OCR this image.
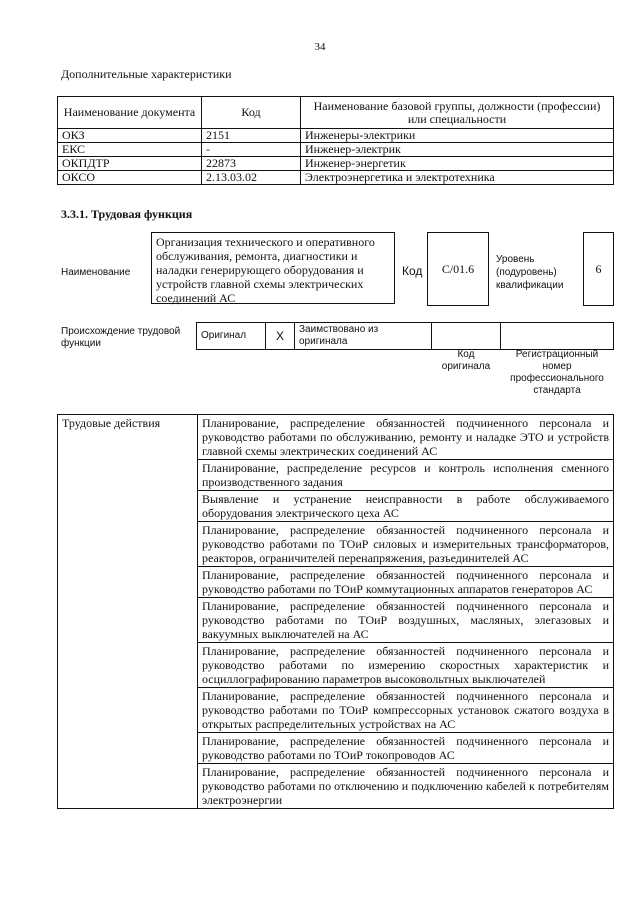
34
Дополнительные характеристики
Наименование документа	Код	Наименование базовой группы, должности (профессии) или специальности
ОКЗ	2151	Инженеры-электрики
ЕКС	-	Инженер-электрик
ОКПДТР	22873	Инженер-энергетик
ОКСО	2.13.03.02	Электроэнергетика и электротехника
3.3.1. Трудовая функция
Наименование
Организация технического и оперативного обслуживания, ремонта, диагностики и наладки генерирующего оборудования и устройств главной схемы электрических соединений АС
Код	C/01.6
Уровень (подуровень) квалификации
6
Происхождение трудовой функции
Оригинал	X	Заимствовано из оригинала		
Код оригинала
Регистрационный номер профессионального стандарта
Трудовые действия	Планирование, распределение обязанностей подчиненного персонала и руководство работами по обслуживанию, ремонту и наладке ЭТО и устройств главной схемы электрических соединений АС
Планирование, распределение ресурсов и контроль исполнения сменного производственного задания
Выявление и устранение неисправности в работе обслуживаемого оборудования электрического цеха АС
Планирование, распределение обязанностей подчиненного персонала и руководство работами по ТОиР силовых и измерительных трансформаторов, реакторов, ограничителей перенапряжения, разъединителей АС
Планирование, распределение обязанностей подчиненного персонала и руководство работами по ТОиР коммутационных аппаратов генераторов АС
Планирование, распределение обязанностей подчиненного персонала и руководство работами по ТОиР воздушных, масляных, элегазовых и вакуумных выключателей на АС
Планирование, распределение обязанностей подчиненного персонала и руководство работами по измерению скоростных характеристик и осциллографированию параметров высоковольтных выключателей
Планирование, распределение обязанностей подчиненного персонала и руководство работами по ТОиР компрессорных установок сжатого воздуха в открытых распределительных устройствах на АС
Планирование, распределение обязанностей подчиненного персонала и руководство работами по ТОиР токопроводов АС
Планирование, распределение обязанностей подчиненного персонала и руководство работами по отключению и подключению кабелей к потребителям электроэнергии
